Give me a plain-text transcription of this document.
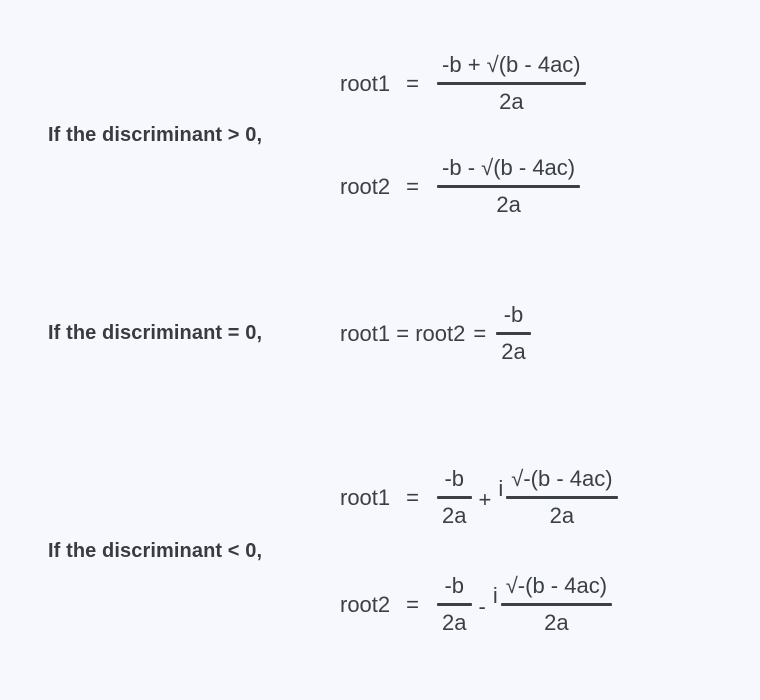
If the discriminant > 0,
root1 = $\frac{-b + √(b - 4ac)}{2a}$
root2 = $\frac{-b - √(b - 4ac)}{2a}$
If the discriminant = 0,	root1 = root2 = $\frac{-b}{2a}$
If the discriminant < 0,
root1 = $\frac{-b}{2a} + i \frac{√-(b - 4ac)}{2a}$
root2 = $\frac{-b}{2a}$ - i $\frac{√-(b - 4ac)}{2a}$
